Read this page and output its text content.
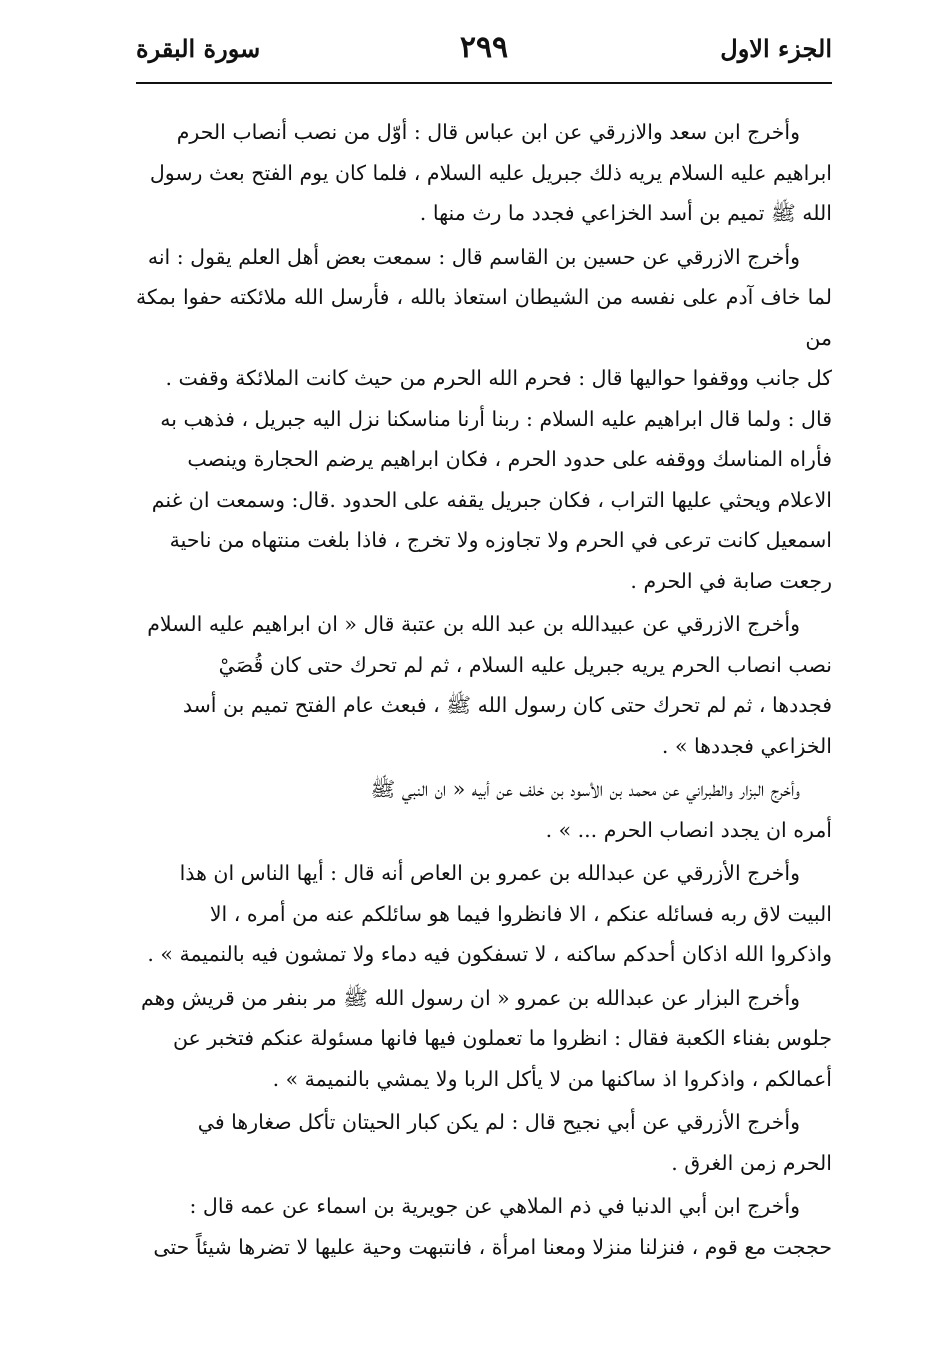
الجزء الاول
٢٩٩
سورة البقرة

وأخرج ابن سعد والازرقي عن ابن عباس قال : أوّل من نصب أنصاب الحرم
ابراهيم عليه السلام يريه ذلك جبريل عليه السلام ، فلما كان يوم الفتح بعث رسول
الله ﷺ تميم بن أسد الخزاعي فجدد ما رث منها .

وأخرج الازرقي عن حسين بن القاسم قال : سمعت بعض أهل العلم يقول : انه
لما خاف آدم على نفسه من الشيطان استعاذ بالله ، فأرسل الله ملائكته حفوا بمكة من
كل جانب ووقفوا حواليها قال : فحرم الله الحرم من حيث كانت الملائكة وقفت .
قال : ولما قال ابراهيم عليه السلام : ربنا أرنا مناسكنا نزل اليه جبريل ، فذهب به
فأراه المناسك ووقفه على حدود الحرم ، فكان ابراهيم يرضم الحجارة وينصب
الاعلام ويحثي عليها التراب ، فكان جبريل يقفه على الحدود .قال: وسمعت ان غنم
اسمعيل كانت ترعى في الحرم ولا تجاوزه ولا تخرج ، فاذا بلغت منتهاه من ناحية
رجعت صابة في الحرم .

وأخرج الازرقي عن عبيدالله بن عبد الله بن عتبة قال « ان ابراهيم عليه السلام
نصب انصاب الحرم يريه جبريل عليه السلام ، ثم لم تحرك حتى كان قُصَيْ
فجددها ، ثم لم تحرك حتى كان رسول الله ﷺ ، فبعث عام الفتح تميم بن أسد
الخزاعي فجددها » .

وأخرج البزار والطبراني عن محمد بن الأسود بن خلف عن أبيه « ان النبي ﷺ
أمره ان يجدد انصاب الحرم ... » .

وأخرج الأزرقي عن عبدالله بن عمرو بن العاص أنه قال : أيها الناس ان هذا
البيت لاق ربه فسائله عنكم ، الا فانظروا فيما هو سائلكم عنه من أمره ، الا
واذكروا الله اذكان أحدكم ساكنه ، لا تسفكون فيه دماء ولا تمشون فيه بالنميمة » .

وأخرج البزار عن عبدالله بن عمرو « ان رسول الله ﷺ مر بنفر من قريش وهم
جلوس بفناء الكعبة فقال : انظروا ما تعملون فيها فانها مسئولة عنكم فتخبر عن
أعمالكم ، واذكروا اذ ساكنها من لا يأكل الربا ولا يمشي بالنميمة » .

وأخرج الأزرقي عن أبي نجيح قال : لم يكن كبار الحيتان تأكل صغارها في
الحرم زمن الغرق .

وأخرج ابن أبي الدنيا في ذم الملاهي عن جويرية بن اسماء عن عمه قال :
حججت مع قوم ، فنزلنا منزلا ومعنا امرأة ، فانتبهت وحية عليها لا تضرها شيئاً حتى
